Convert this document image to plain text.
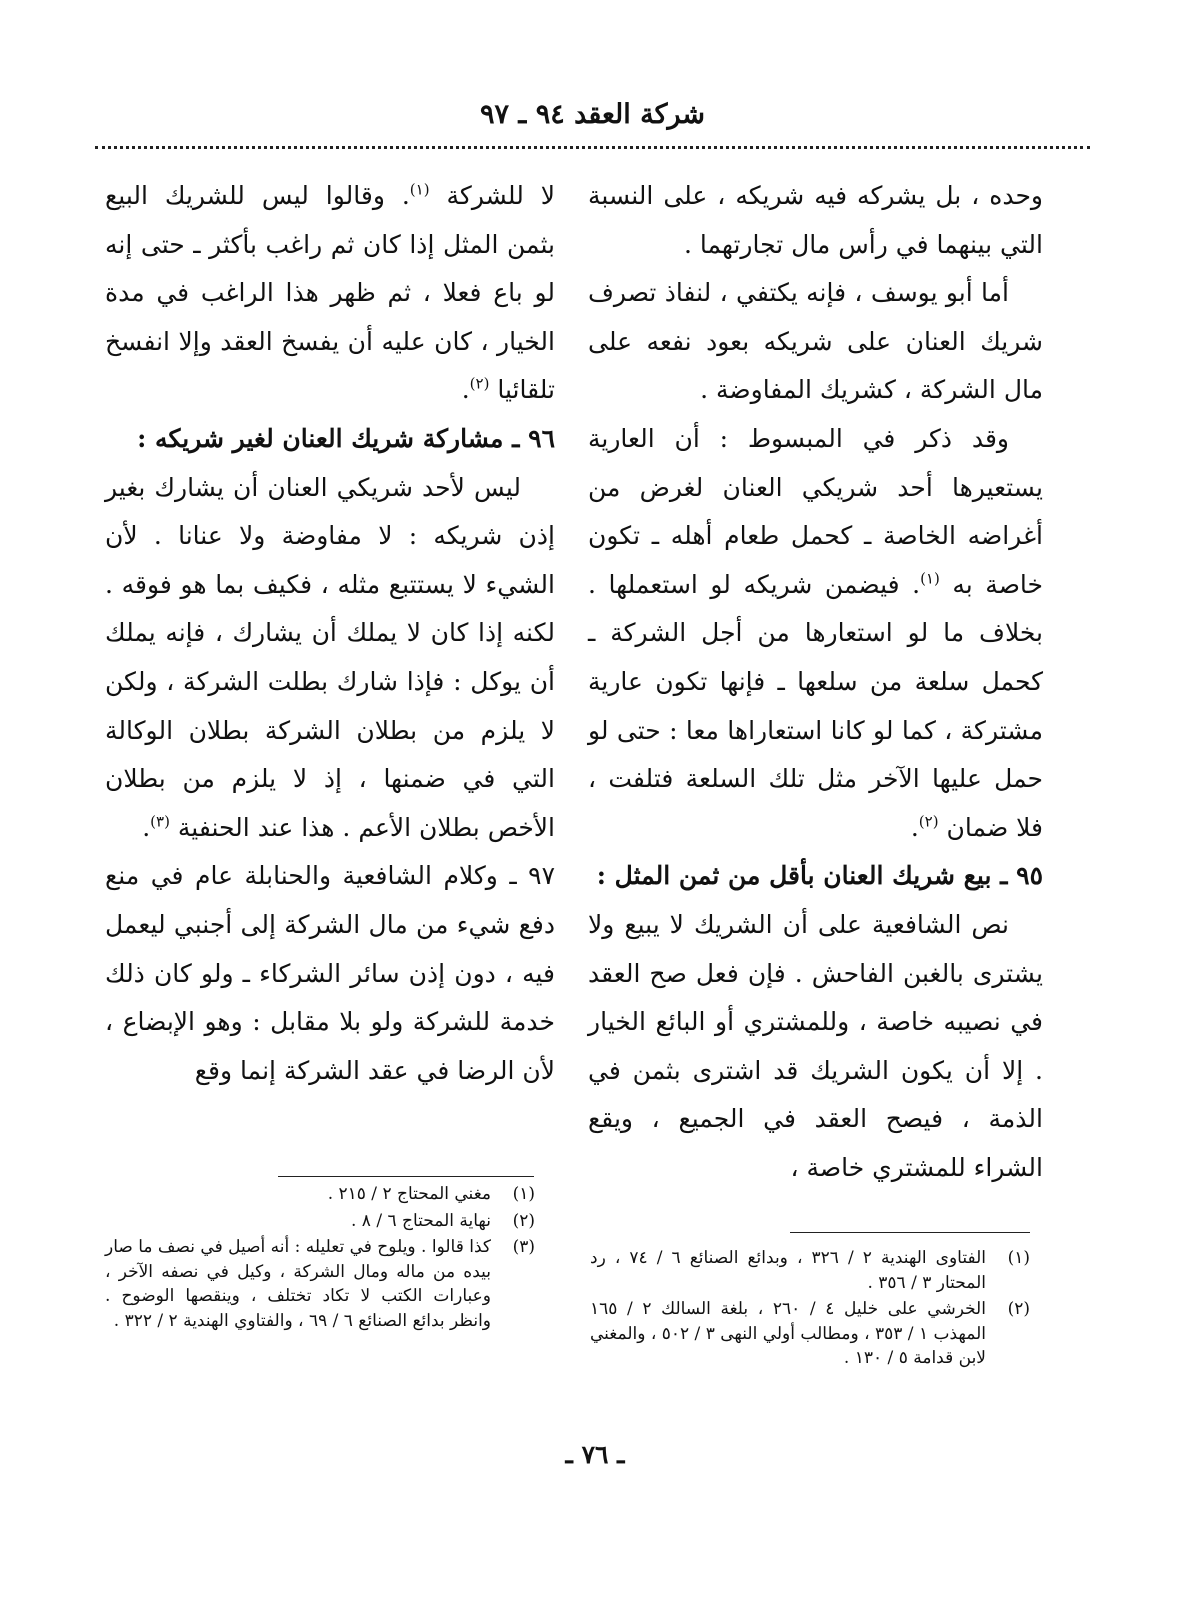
شركة العقد ٩٤ ـ ٩٧

وحده ، بل يشركه فيه شريكه ، على النسبة التي بينهما في رأس مال تجارتهما .

أما أبو يوسف ، فإنه يكتفي ، لنفاذ تصرف شريك العنان على شريكه بعود نفعه على مال الشركة ، كشريك المفاوضة .

وقد ذكر في المبسوط : أن العارية يستعيرها أحد شريكي العنان لغرض من أغراضه الخاصة ـ كحمل طعام أهله ـ تكون خاصة به $^{(١)}$. فيضمن شريكه لو استعملها . بخلاف ما لو استعارها من أجل الشركة ـ كحمل سلعة من سلعها ـ فإنها تكون عارية مشتركة ، كما لو كانا استعاراها معا : حتى لو حمل عليها الآخر مثل تلك السلعة فتلفت ، فلا ضمان $^{(٢)}$.

٩٥ ـ بيع شريك العنان بأقل من ثمن المثل :

نص الشافعية على أن الشريك لا يبيع ولا يشترى بالغبن الفاحش . فإن فعل صح العقد في نصيبه خاصة ، وللمشتري أو البائع الخيار . إلا أن يكون الشريك قد اشترى بثمن في الذمة ، فيصح العقد في الجميع ، ويقع الشراء للمشتري خاصة ،

لا للشركة $^{(١)}$. وقالوا ليس للشريك البيع بثمن المثل إذا كان ثم راغب بأكثر ـ حتى إنه لو باع فعلا ، ثم ظهر هذا الراغب في مدة الخيار ، كان عليه أن يفسخ العقد وإلا انفسخ تلقائيا $^{(٢)}$.

٩٦ ـ مشاركة شريك العنان لغير شريكه :

ليس لأحد شريكي العنان أن يشارك بغير إذن شريكه : لا مفاوضة ولا عنانا . لأن الشيء لا يستتبع مثله ، فكيف بما هو فوقه . لكنه إذا كان لا يملك أن يشارك ، فإنه يملك أن يوكل : فإذا شارك بطلت الشركة ، ولكن لا يلزم من بطلان الشركة بطلان الوكالة التي في ضمنها ، إذ لا يلزم من بطلان الأخص بطلان الأعم . هذا عند الحنفية $^{(٣)}$.

٩٧ ـ وكلام الشافعية والحنابلة عام في منع دفع شيء من مال الشركة إلى أجنبي ليعمل فيه ، دون إذن سائر الشركاء ـ ولو كان ذلك خدمة للشركة ولو بلا مقابل : وهو الإبضاع ، لأن الرضا في عقد الشركة إنما وقع

(١)
مغني المحتاج ٢ / ٢١٥ .

(٢)
نهاية المحتاج ٦ / ٨ .

(٣)
كذا قالوا . ويلوح في تعليله : أنه أصيل في نصف ما صار بيده من ماله ومال الشركة ، وكيل في نصفه الآخر ، وعبارات الكتب لا تكاد تختلف ، وينقصها الوضوح . وانظر بدائع الصنائع ٦ / ٦٩ ، والفتاوي الهندية ٢ / ٣٢٢ .

(١)
الفتاوى الهندية ٢ / ٣٢٦ ، وبدائع الصنائع ٦ / ٧٤ ، رد المحتار ٣ / ٣٥٦ .

(٢)
الخرشي على خليل ٤ / ٢٦٠ ، بلغة السالك ٢ / ١٦٥ المهذب ١ / ٣٥٣ ، ومطالب أولي النهى ٣ / ٥٠٢ ، والمغني لابن قدامة ٥ / ١٣٠ .

ـ ٧٦ ـ
